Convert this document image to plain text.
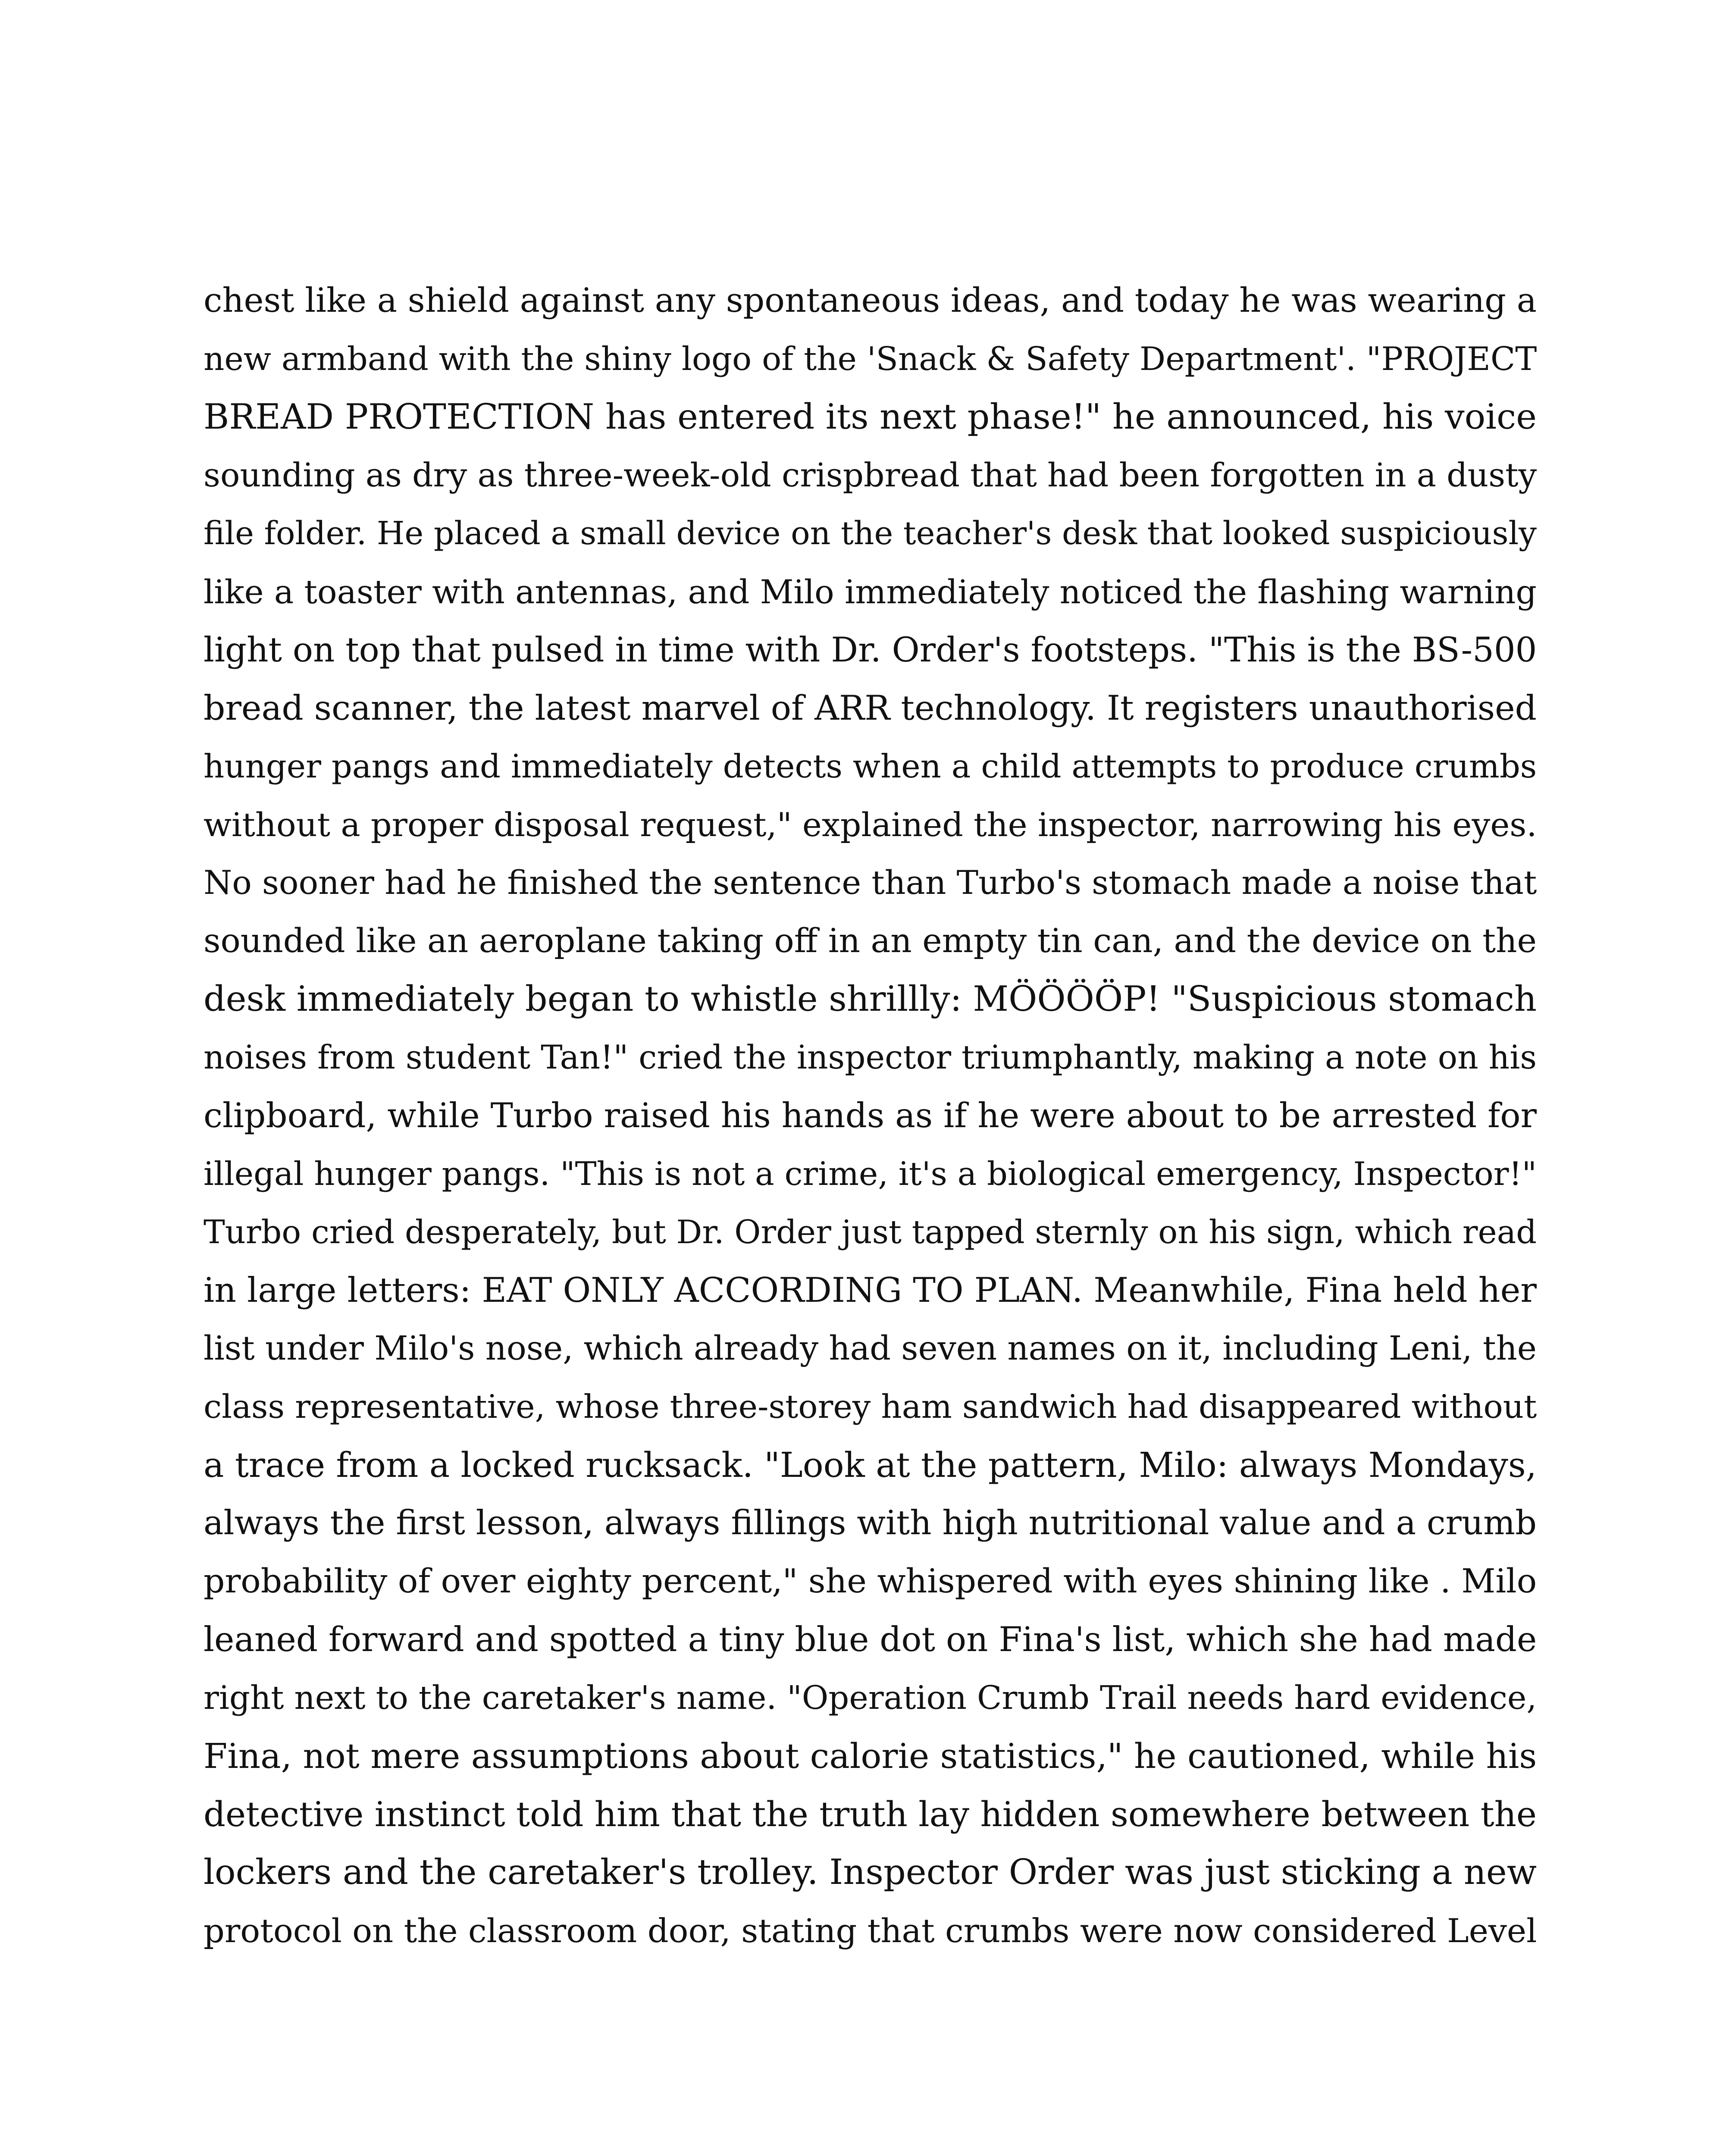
chest like a shield against any spontaneous ideas, and today he was wearing a
new armband with the shiny logo of the 'Snack & Safety Department'. "PROJECT
BREAD PROTECTION has entered its next phase!" he announced, his voice
sounding as dry as three-week-old crispbread that had been forgotten in a dusty
file folder. He placed a small device on the teacher's desk that looked suspiciously
like a toaster with antennas, and Milo immediately noticed the flashing warning
light on top that pulsed in time with Dr. Order's footsteps. "This is the BS-500
bread scanner, the latest marvel of ARR technology. It registers unauthorised
hunger pangs and immediately detects when a child attempts to produce crumbs
without a proper disposal request," explained the inspector, narrowing his eyes.
No sooner had he finished the sentence than Turbo's stomach made a noise that
sounded like an aeroplane taking off in an empty tin can, and the device on the
desk immediately began to whistle shrillly: MÖÖÖÖP! "Suspicious stomach
noises from student Tan!" cried the inspector triumphantly, making a note on his
clipboard, while Turbo raised his hands as if he were about to be arrested for
illegal hunger pangs. "This is not a crime, it's a biological emergency, Inspector!"
Turbo cried desperately, but Dr. Order just tapped sternly on his sign, which read
in large letters: EAT ONLY ACCORDING TO PLAN. Meanwhile, Fina held her
list under Milo's nose, which already had seven names on it, including Leni, the
class representative, whose three-storey ham sandwich had disappeared without
a trace from a locked rucksack. "Look at the pattern, Milo: always Mondays,
always the first lesson, always fillings with high nutritional value and a crumb
probability of over eighty percent," she whispered with eyes shining like . Milo
leaned forward and spotted a tiny blue dot on Fina's list, which she had made
right next to the caretaker's name. "Operation Crumb Trail needs hard evidence,
Fina, not mere assumptions about calorie statistics," he cautioned, while his
detective instinct told him that the truth lay hidden somewhere between the
lockers and the caretaker's trolley. Inspector Order was just sticking a new
protocol on the classroom door, stating that crumbs were now considered Level
